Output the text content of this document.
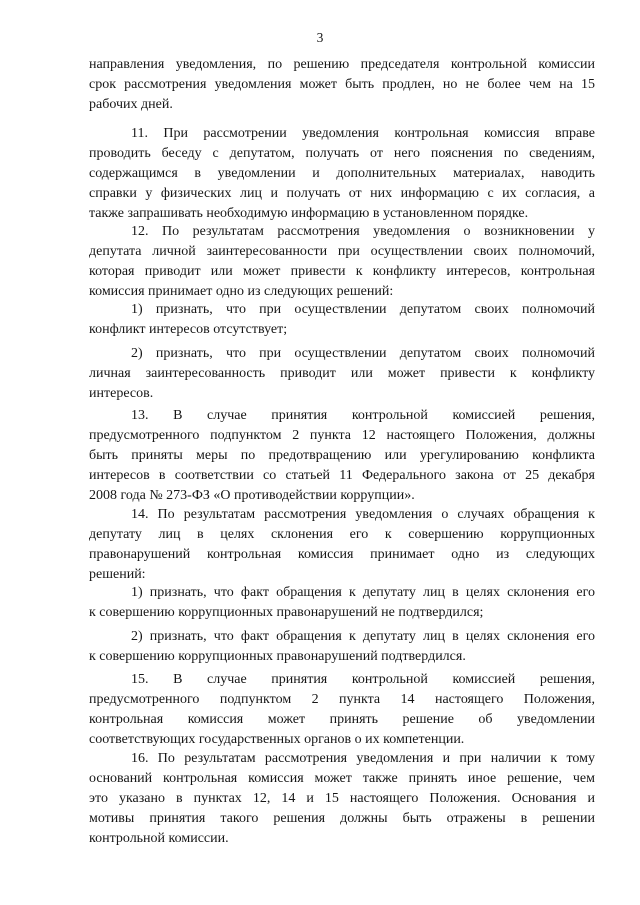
3
направления уведомления, по решению председателя контрольной комиссии
срок рассмотрения уведомления может быть продлен, но не более чем на 15
рабочих дней.
11. При рассмотрении уведомления контрольная комиссия вправе
проводить беседу с депутатом, получать от него пояснения по сведениям,
содержащимся в уведомлении и дополнительных материалах, наводить
справки у физических лиц и получать от них информацию с их согласия, а
также запрашивать необходимую информацию в установленном порядке.
12. По результатам рассмотрения уведомления о возникновении у
депутата личной заинтересованности при осуществлении своих полномочий,
которая приводит или может привести к конфликту интересов, контрольная
комиссия принимает одно из следующих решений:
1) признать, что при осуществлении депутатом своих полномочий
конфликт интересов отсутствует;
2) признать, что при осуществлении депутатом своих полномочий
личная заинтересованность приводит или может привести к конфликту
интересов.
13. В случае принятия контрольной комиссией решения,
предусмотренного подпунктом 2 пункта 12 настоящего Положения, должны
быть приняты меры по предотвращению или урегулированию конфликта
интересов в соответствии со статьей 11 Федерального закона от 25 декабря
2008 года № 273-ФЗ «О противодействии коррупции».
14. По результатам рассмотрения уведомления о случаях обращения к
депутату лиц в целях склонения его к совершению коррупционных
правонарушений контрольная комиссия принимает одно из следующих
решений:
1) признать, что факт обращения к депутату лиц в целях склонения его
к совершению коррупционных правонарушений не подтвердился;
2) признать, что факт обращения к депутату лиц в целях склонения его
к совершению коррупционных правонарушений подтвердился.
15. В случае принятия контрольной комиссией решения,
предусмотренного подпунктом 2 пункта 14 настоящего Положения,
контрольная комиссия может принять решение об уведомлении
соответствующих государственных органов о их компетенции.
16. По результатам рассмотрения уведомления и при наличии к тому
оснований контрольная комиссия может также принять иное решение, чем
это указано в пунктах 12, 14 и 15 настоящего Положения. Основания и
мотивы принятия такого решения должны быть отражены в решении
контрольной комиссии.
